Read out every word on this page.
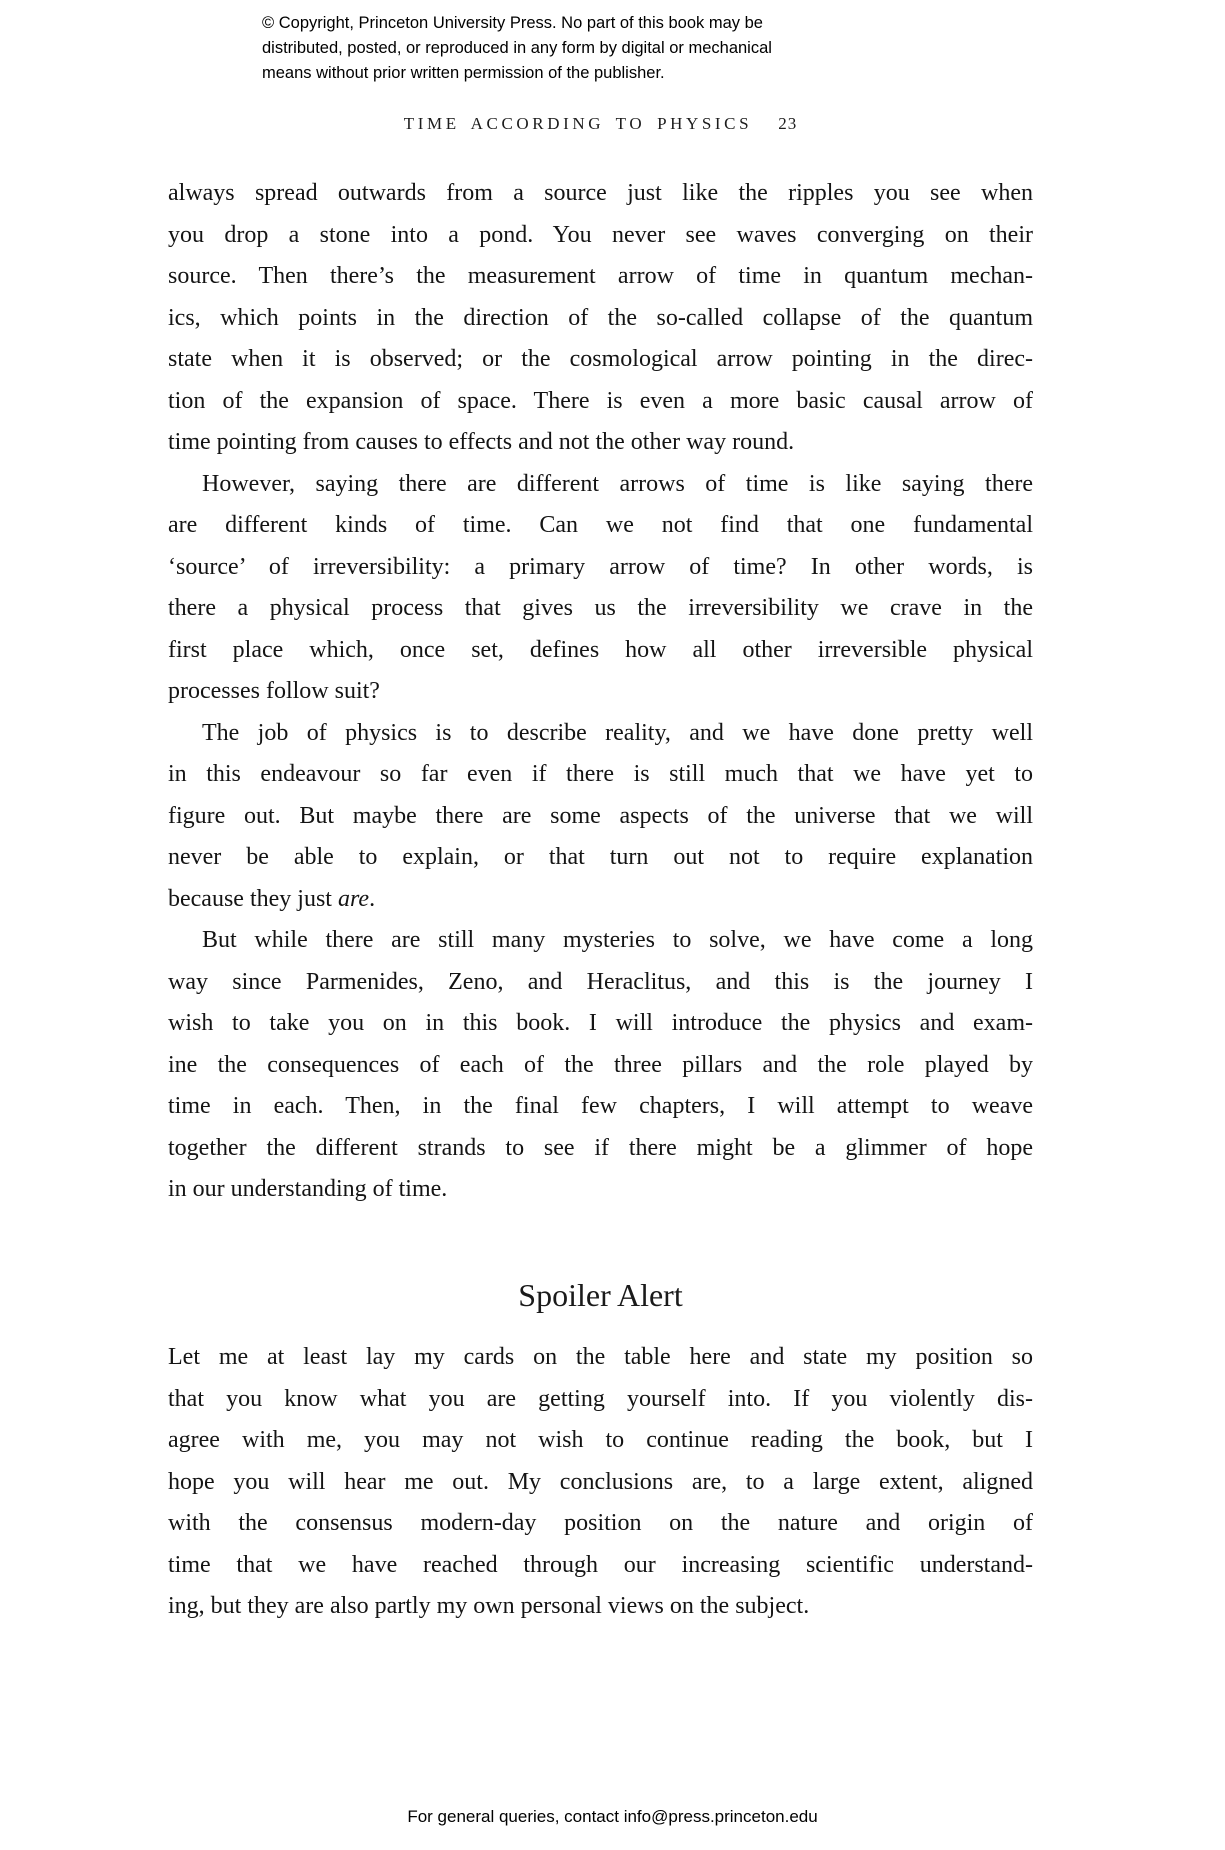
© Copyright, Princeton University Press. No part of this book may be
distributed, posted, or reproduced in any form by digital or mechanical
means without prior written permission of the publisher.
TIME ACCORDING TO PHYSICS 23
always spread outwards from a source just like the ripples you see when
you drop a stone into a pond. You never see waves converging on their
source. Then there’s the measurement arrow of time in quantum mechan-
ics, which points in the direction of the so-called collapse of the quantum
state when it is observed; or the cosmological arrow pointing in the direc-
tion of the expansion of space. There is even a more basic causal arrow of
time pointing from causes to effects and not the other way round.
However, saying there are different arrows of time is like saying there
are different kinds of time. Can we not find that one fundamental
‘source’ of irreversibility: a primary arrow of time? In other words, is
there a physical process that gives us the irreversibility we crave in the
first place which, once set, defines how all other irreversible physical
processes follow suit?
The job of physics is to describe reality, and we have done pretty well
in this endeavour so far even if there is still much that we have yet to
figure out. But maybe there are some aspects of the universe that we will
never be able to explain, or that turn out not to require explanation
because they just are.
But while there are still many mysteries to solve, we have come a long
way since Parmenides, Zeno, and Heraclitus, and this is the journey I
wish to take you on in this book. I will introduce the physics and exam-
ine the consequences of each of the three pillars and the role played by
time in each. Then, in the final few chapters, I will attempt to weave
together the different strands to see if there might be a glimmer of hope
in our understanding of time.
Spoiler Alert
Let me at least lay my cards on the table here and state my position so
that you know what you are getting yourself into. If you violently dis-
agree with me, you may not wish to continue reading the book, but I
hope you will hear me out. My conclusions are, to a large extent, aligned
with the consensus modern-day position on the nature and origin of
time that we have reached through our increasing scientific understand-
ing, but they are also partly my own personal views on the subject.
For general queries, contact info@press.princeton.edu
